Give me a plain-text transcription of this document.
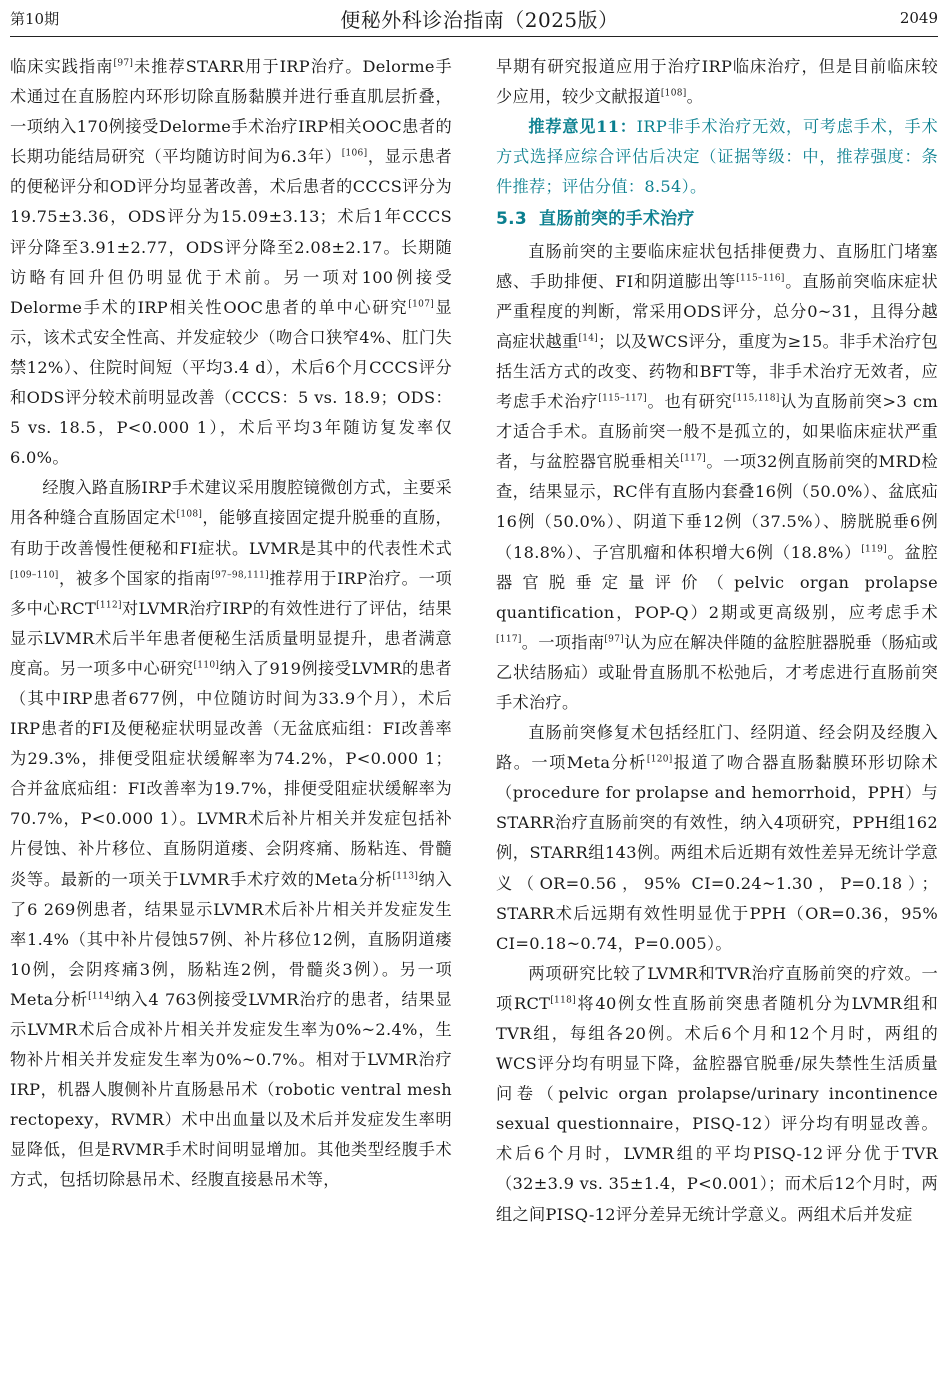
第10期	便秘外科诊治指南（2025版）	2049

临床实践指南[97]未推荐STARR用于IRP治疗。Delorme手术通过在直肠腔内环形切除直肠黏膜并进行垂直肌层折叠，一项纳入170例接受Delorme手术治疗IRP相关OOC患者的长期功能结局研究（平均随访时间为6.3年）[106]，显示患者的便秘评分和OD评分均显著改善，术后患者的CCCS评分为19.75±3.36，ODS评分为15.09±3.13；术后1年CCCS评分降至3.91±2.77，ODS评分降至2.08±2.17。长期随访略有回升但仍明显优于术前。另一项对100例接受Delorme手术的IRP相关性OOC患者的单中心研究[107]显示，该术式安全性高、并发症较少（吻合口狭窄4%、肛门失禁12%）、住院时间短（平均3.4 d），术后6个月CCCS评分和ODS评分较术前明显改善（CCCS：5 vs. 18.9；ODS：5 vs. 18.5，P<0.000 1），术后平均3年随访复发率仅6.0%。

经腹入路直肠IRP手术建议采用腹腔镜微创方式，主要采用各种缝合直肠固定术[108]，能够直接固定提升脱垂的直肠，有助于改善慢性便秘和FI症状。LVMR是其中的代表性术式[109–110]，被多个国家的指南[97–98,111]推荐用于IRP治疗。一项多中心RCT[112]对LVMR治疗IRP的有效性进行了评估，结果显示LVMR术后半年患者便秘生活质量明显提升，患者满意度高。另一项多中心研究[110]纳入了919例接受LVMR的患者（其中IRP患者677例，中位随访时间为33.9个月），术后IRP患者的FI及便秘症状明显改善（无盆底疝组：FI改善率为29.3%，排便受阻症状缓解率为74.2%，P<0.000 1；合并盆底疝组：FI改善率为19.7%，排便受阻症状缓解率为70.7%，P<0.000 1）。LVMR术后补片相关并发症包括补片侵蚀、补片移位、直肠阴道瘘、会阴疼痛、肠粘连、骨髓炎等。最新的一项关于LVMR手术疗效的Meta分析[113]纳入了6 269例患者，结果显示LVMR术后补片相关并发症发生率1.4%（其中补片侵蚀57例、补片移位12例，直肠阴道瘘10例，会阴疼痛3例，肠粘连2例，骨髓炎3例）。另一项Meta分析[114]纳入4 763例接受LVMR治疗的患者，结果显示LVMR术后合成补片相关并发症发生率为0%~2.4%，生物补片相关并发症发生率为0%~0.7%。相对于LVMR治疗IRP，机器人腹侧补片直肠悬吊术（robotic ventral mesh rectopexy，RVMR）术中出血量以及术后并发症发生率明显降低，但是RVMR手术时间明显增加。其他类型经腹手术方式，包括切除悬吊术、经腹直接悬吊术等，

早期有研究报道应用于治疗IRP临床治疗，但是目前临床较少应用，较少文献报道[108]。

推荐意见11：IRP非手术治疗无效，可考虑手术，手术方式选择应综合评估后决定（证据等级：中，推荐强度：条件推荐；评估分值：8.54）。

5.3 直肠前突的手术治疗

直肠前突的主要临床症状包括排便费力、直肠肛门堵塞感、手助排便、FI和阴道膨出等[115–116]。直肠前突临床症状严重程度的判断，常采用ODS评分，总分0~31，且得分越高症状越重[14]；以及WCS评分，重度为≥15。非手术治疗包括生活方式的改变、药物和BFT等，非手术治疗无效者，应考虑手术治疗[115–117]。也有研究[115,118]认为直肠前突>3 cm才适合手术。直肠前突一般不是孤立的，如果临床症状严重者，与盆腔器官脱垂相关[117]。一项32例直肠前突的MRD检查，结果显示，RC伴有直肠内套叠16例（50.0%）、盆底疝16例（50.0%）、阴道下垂12例（37.5%）、膀胱脱垂6例（18.8%）、子宫肌瘤和体积增大6例（18.8%）[119]。盆腔器官脱垂定量评价（pelvic organ prolapse quantification，POP-Q）2期或更高级别，应考虑手术[117]。一项指南[97]认为应在解决伴随的盆腔脏器脱垂（肠疝或乙状结肠疝）或耻骨直肠肌不松弛后，才考虑进行直肠前突手术治疗。

直肠前突修复术包括经肛门、经阴道、经会阴及经腹入路。一项Meta分析[120]报道了吻合器直肠黏膜环形切除术（procedure for prolapse and hemorrhoid，PPH）与STARR治疗直肠前突的有效性，纳入4项研究，PPH组162例，STARR组143例。两组术后近期有效性差异无统计学意义（OR=0.56，95% CI=0.24~1.30，P=0.18）；STARR术后远期有效性明显优于PPH（OR=0.36，95% CI=0.18~0.74，P=0.005）。

两项研究比较了LVMR和TVR治疗直肠前突的疗效。一项RCT[118]将40例女性直肠前突患者随机分为LVMR组和TVR组，每组各20例。术后6个月和12个月时，两组的WCS评分均有明显下降，盆腔器官脱垂/尿失禁性生活质量问卷（pelvic organ prolapse/urinary incontinence sexual questionnaire，PISQ-12）评分均有明显改善。术后6个月时，LVMR组的平均PISQ-12评分优于TVR（32±3.9 vs. 35±1.4，P<0.001）；而术后12个月时，两组之间PISQ-12评分差异无统计学意义。两组术后并发症
